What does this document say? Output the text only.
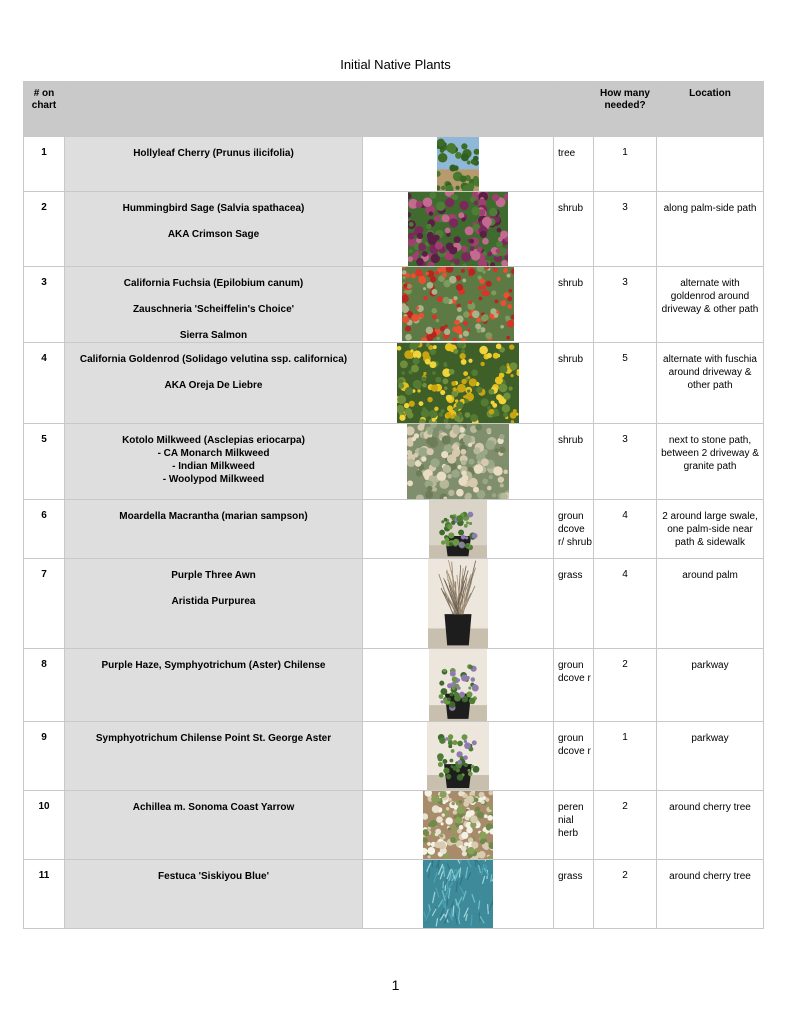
Initial Native Plants
# on chart				How many needed?	Location
1	Hollyleaf Cherry (Prunus ilicifolia)		tree	1	
2	Hummingbird Sage (Salvia spathacea)
AKA Crimson Sage		shrub	3	along palm-side path
3	California Fuchsia (Epilobium canum)
Zauschneria 'Scheiffelin's Choice'
Sierra Salmon		shrub	3	alternate with goldenrod around driveway & other path
4	California Goldenrod (Solidago velutina ssp. californica)
AKA Oreja De Liebre		shrub	5	alternate with fuschia around driveway & other path
5	Kotolo Milkweed (Asclepias eriocarpa)
- CA Monarch Milkweed
- Indian Milkweed
- Woolypod Milkweed		shrub	3	next to stone path, between 2 driveway & granite path
6	Moardella Macrantha (marian sampson)		groun dcove r/ shrub	4	2 around large swale, one palm-side near path & sidewalk
7	Purple Three Awn
Aristida Purpurea		grass	4	around palm
8	Purple Haze, Symphyotrichum (Aster) Chilense		groun dcove r	2	parkway
9	Symphyotrichum Chilense Point St. George Aster		groun dcove r	1	parkway
10	Achillea m. Sonoma Coast Yarrow		peren nial herb	2	around cherry tree
11	Festuca 'Siskiyou Blue'		grass	2	around cherry tree
1
